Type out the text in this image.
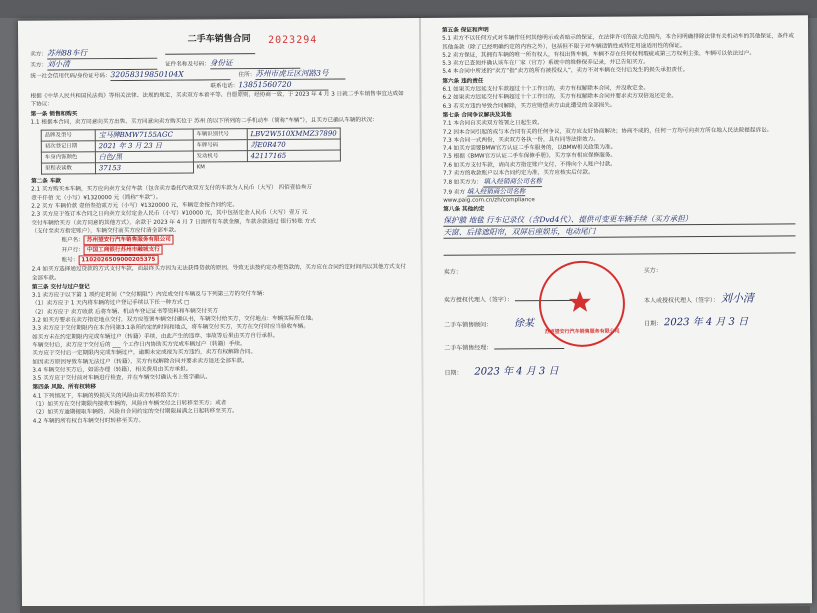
二手车销售合同	2023294
卖方：苏州88车行
买方：刘小清	证件名称及号码：身份证
统一社会信用代码/身份证号码：32058319850104X	住所：苏州市虎丘区河路3号
联系电话：13851560720
根据《中华人民共和国民法典》等相关法律、法规的规定，买卖双方本着平等、自愿原则，经协商一致，于 2023 年 4 月 3 日就二手车销售事宜达成如下协议：
第一条 销售和购买
1.1 根据本合同，卖方同意向买方出售、买方同意向卖方购买位于 苏州 的以下所列的二手机动车（简称“车辆”），且买方已确认车辆的状况：
品牌及型号	宝马牌BMW7155AGC	车辆识别代号	LBV2W510XMMZ37890
初次登记日期	2021 年 3 月 23 日	车牌号码	苏E0R470
车身内饰颜色	白色/黑	发动机号	42117165
里程表读数	37153	KM	
第二条 车款
2.1 买方购买本车辆，买方应向卖方支付车款（包含卖方委托代收双方支付的车款为人民币（大写） 四佰壹拾叁万
壹千仟佰 元（小写）¥1320000 元（简称“车款”）。
2.2 买方 车辆价款 壹佰叁拾贰万元（小写）¥1320000 元，车辆定金按合同约定。
2.3 买方应于签订本合同之日向卖方支付定金人民币（小写）¥10000 元，其中包括定金人民币（大写）壹万 元
交付车辆给买方（卖方同意的其他方式），余款于 2023 年 4 月 7 日清所有车款金额，车款余款通过 银行转账 方式
（支付至卖方指定账户），车辆交付前买方应付清全部车款。
账户名： 苏州望安行汽车销售服务有限公司
开户行： 中国工商银行苏州市融城支行
账号： 1102026509000205375
2.4 如买方选择通过贷款的方式支付车款，而最终买方因为无法获得贷款的原因，导致无法按约定办理贷款的，买方应在合同约定时间内以其他方式支付全部车款。
第三条 交付与过户登记
3.1 卖方应于以下第 1 项约定时间（“交付期限”）内完成交付车辆及与下列第三方的交付车辆：
（1）卖方应于 1 天内将车辆的过户登记手续以下任一种方式 □
（2）卖方应于 卖方收款 后将车辆、机动车登记证书等资料和车辆交付买方
3.2 如买方要求在卖方指定地点交付，双方应签署车辆交付确认书，车辆交付给买方，交付地点：车辆实际所在地。
3.3 卖方应于交付期限内在本合同第3.1条所约定的时间和地点，将车辆交付买方，买方在交付时应当验收车辆。
如买方未在约定期限内完成车辆过户（转籍）手续，由此产生的违章、事故等后果由买方自行承担。
车辆交付后，卖方应于交付后的 ___ 个工作日内协助买方完成车辆过户（转籍）手续。
买方应于交付后一定期限内完成车辆过户，逾期未完成视为买方违约，卖方有权解除合同。
如因卖方原因导致车辆无法过户（转籍），买方有权解除合同并要求卖方退还全部车款。
3.4 车辆交付买方后，如需办理（转籍），相关费用由买方承担。
3.5 买方应于交付前对车辆进行检查，并在车辆交付确认书上签字确认。
第四条 风险、所有权转移
4.1 下列情况下，车辆的毁损灭失的风险由卖方转移给买方：
（1）如买方在交付期限内接收车辆的，风险自车辆交付之日转移至买方；或者
（2）如买方逾期提取车辆的，风险自合同约定的交付期限届满之日起转移至买方。
4.2 车辆的所有权自车辆交付时转移至买方。
第五条 保证和声明
5.1 卖方不以任何方式对车辆作任何其他明示或者暗示的保证，在法律许可的最大范围内，本合同明确排除法律有关机动车的其他保证，条件或其他条款（除了已经明确约定的内容之外），包括但不限于对车辆适销性或特定用途适用性的保证。
5.2 卖方保证，其拥有车辆的唯一所有权人，有权出售车辆，车辆不存在任何权利瑕疵或第三方权利主张，车辆可以依法过户。
5.3 卖方已查阅并确认该车在厂家（官方）系统中的维修保养记录，并已告知买方。
5.4 本合同中所述的“卖方”指“卖方的所有被授权人”，卖方不对车辆在交付后发生的损失承担责任。
第六条 违约责任
6.1 如果买方迟延支付车款超过十个工作日的，卖方有权解除本合同，并没收定金。
6.2 如果卖方迟延交付车辆超过十个工作日的，买方有权解除本合同并要求卖方双倍返还定金。
6.3 若买方违约导致合同解除，买方应赔偿卖方由此遭受的全部损失。
第七条 合同争议解决及其他
7.1 本合同自买卖双方签署之日起生效。
7.2 因本合同引起的或与本合同有关的任何争议，双方应友好协商解决；协商不成的，任何一方均可向卖方所在地人民法院提起诉讼。
7.3 本合同一式两份，买卖双方各执一份，具有同等法律效力。
7.4 如买方需要BMW官方认证二手车服务的，以BMW相关政策为准。
7.5 根据《BMW官方认证二手车保修手册》，买方享有相应保修服务。
7.6 如买方支付车款，请向卖方指定账户支付，不得向个人账户付款。
7.7 卖方的收款账户以本合同约定为准，买方应核实后付款。
7.8 如买方为： 填入经销商公司名称
7.9 卖方 填入经销商公司名称
www.paig.com.cn/zh/compliance
第八条 其他约定
保护膜 地毯 行车记录仪（含Dvd4代）、提供可变更车辆手续（买方承担）
天窗、后排遮阳帘，双屏后座娱乐，电动尾门
卖方：	买方：
卖方授权代理人（签字）：	本人或授权代理人（签字）： 刘小清
二手车销售顾问： 徐某	日期： 2023 年 4 月 3 日
二手车销售经理：
日期： 2023 年 4 月 3 日
苏州望安行汽车销售服务有限公司
